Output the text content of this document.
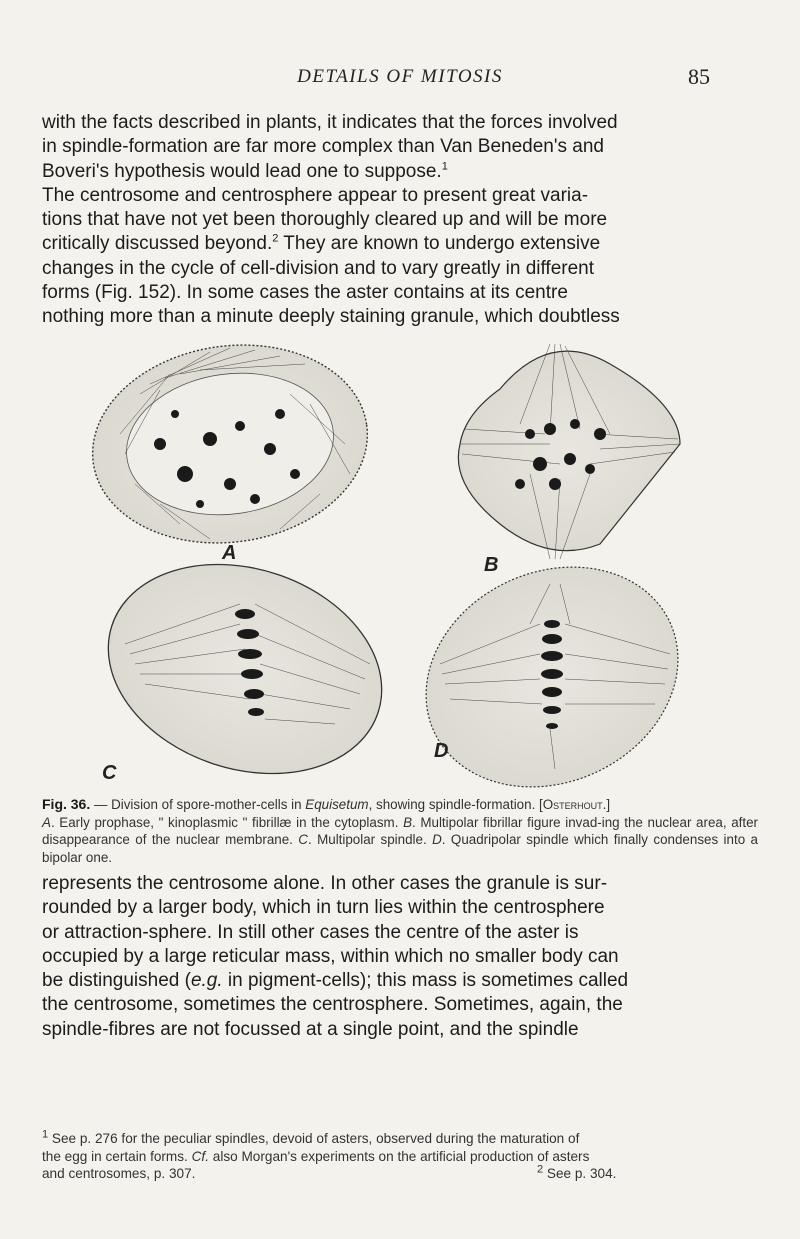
DETAILS OF MITOSIS	85
with the facts described in plants, it indicates that the forces involved
in spindle-formation are far more complex than Van Beneden's and
Boveri's hypothesis would lead one to suppose.$^1$
The centrosome and centrosphere appear to present great varia-
tions that have not yet been thoroughly cleared up and will be more
critically discussed beyond.$^2$ They are known to undergo extensive
changes in the cycle of cell-division and to vary greatly in different
forms (Fig. 152). In some cases the aster contains at its centre
nothing more than a minute deeply staining granule, which doubtless
A
B
C
D
Fig. 36. — Division of spore-mother-cells in Equisetum, showing spindle-formation. [Osterhout.]
A. Early prophase, " kinoplasmic " fibrillæ in the cytoplasm. B. Multipolar fibrillar figure invad-ing the nuclear area, after disappearance of the nuclear membrane. C. Multipolar spindle. D. Quadripolar spindle which finally condenses into a bipolar one.
represents the centrosome alone. In other cases the granule is sur-
rounded by a larger body, which in turn lies within the centrosphere
or attraction-sphere. In still other cases the centre of the aster is
occupied by a large reticular mass, within which no smaller body can
be distinguished (e.g. in pigment-cells); this mass is sometimes called
the centrosome, sometimes the centrosphere. Sometimes, again, the
spindle-fibres are not focussed at a single point, and the spindle
$^1$ See p. 276 for the peculiar spindles, devoid of asters, observed during the maturation of
the egg in certain forms. Cf. also Morgan's experiments on the artificial production of asters
and centrosomes, p. 307.	$^2$ See p. 304.
